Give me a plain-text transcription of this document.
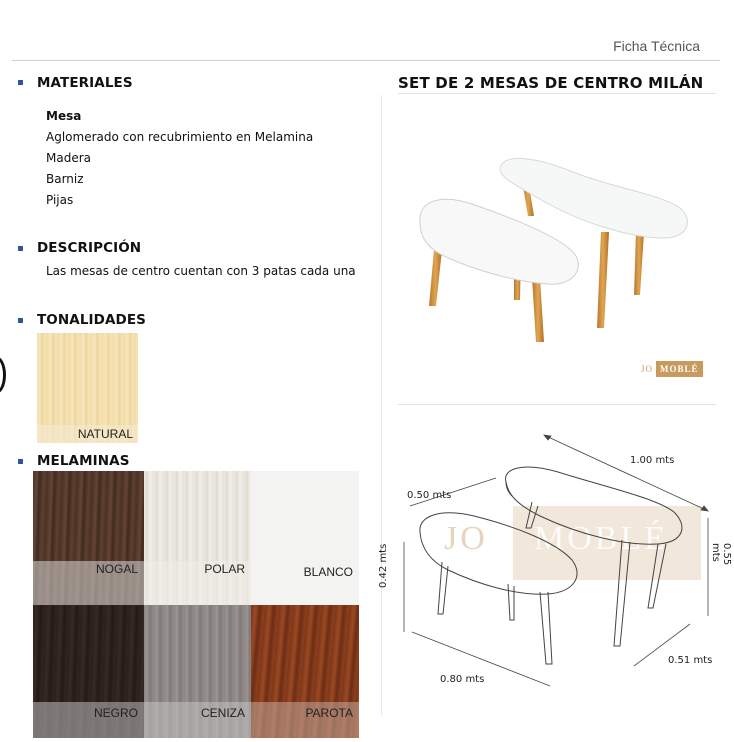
Ficha Técnica
MATERIALES
Mesa
Aglomerado con recubrimiento en Melamina
Madera
Barniz
Pijas
DESCRIPCIÓN
Las mesas de centro cuentan con 3 patas cada una
TONALIDADES
NATURAL
MELAMINAS
NOGAL	POLAR	BLANCO
NEGRO	CENIZA	PAROTA
SET DE 2 MESAS DE CENTRO MILÁN
JO MOBLÉ
JO MOBLÉ
1.00 mts
0.50 mts
0.42 mts	0.55 mts
0.51 mts
0.80 mts
